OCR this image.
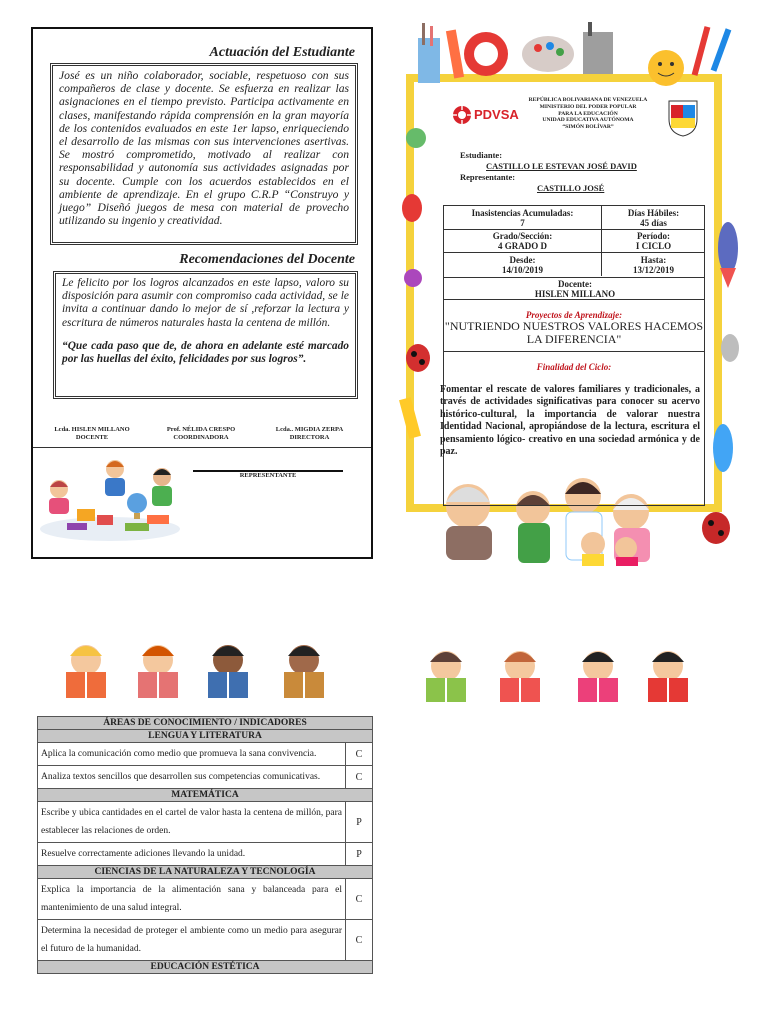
Actuación del Estudiante
José es un niño colaborador, sociable, respetuoso con sus compañeros de clase y docente. Se esfuerza en realizar las asignaciones en el tiempo previsto. Participa activamente en clases, manifestando rápida comprensión en la gran mayoría de los contenidos evaluados en este 1er lapso, enriqueciendo el desarrollo de las mismas con sus intervenciones asertivas. Se mostró comprometido, motivado al realizar con responsabilidad y autonomía sus actividades asignadas por su docente. Cumple con los acuerdos establecidos en el ambiente de aprendizaje. En el grupo C.R.P “Construyo y juego” Diseñó juegos de mesa con material de provecho utilizando su ingenio y creatividad.
Recomendaciones del Docente
Le felicito por los logros alcanzados en este lapso, valoro su disposición para asumir con compromiso cada actividad, se le invita a continuar dando lo mejor de sí ,reforzar la lectura y escritura de números naturales hasta la centena de millón.
“Que cada paso que de, de ahora en adelante esté marcado por las huellas del éxito, felicidades por sus logros”.
Lcda. HISLEN MILLANO
DOCENTE
Prof. NÉLIDA CRESPO
COORDINADORA
Lcda.. MIGDIA ZERPA
DIRECTORA
REPRESENTANTE
PDVSA
REPÚBLICA BOLIVARIANA DE VENEZUELA
MINISTERIO DEL PODER POPULAR
PARA LA EDUCACIÓN
UNIDAD EDUCATIVA AUTÓNOMA
“SIMÓN BOLÍVAR”
Estudiante:
CASTILLO LE ESTEVAN JOSÉ DAVID
Representante:
CASTILLO JOSÉ
Inasistencias Acumuladas:
7
Días Hábiles:
45 días
Grado/Sección:
4 GRADO D
Período:
I CICLO
Desde:
14/10/2019
Hasta:
13/12/2019
Docente:
HISLEN MILLANO
Proyectos de Aprendizaje:
"NUTRIENDO NUESTROS VALORES HACEMOS LA DIFERENCIA"
Finalidad del Ciclo:
Fomentar el rescate de valores familiares y tradicionales, a través de actividades significativas para conocer su acervo histórico-cultural, la importancia de valorar nuestra Identidad Nacional, apropiándose de la lectura, escritura el pensamiento lógico- creativo en una sociedad armónica y de paz.
ÁREAS DE CONOCIMIENTO / INDICADORES	
LENGUA Y LITERATURA	
Aplica la comunicación como medio que promueva la sana convivencia.	C
Analiza textos sencillos que desarrollen sus competencias comunicativas.	C
MATEMÁTICA	
Escribe y ubica cantidades en el cartel de valor hasta la centena de millón, para establecer las relaciones de orden.	P
Resuelve correctamente adiciones llevando la unidad.	P
CIENCIAS DE LA NATURALEZA Y TECNOLOGÍA	
Explica la importancia de la alimentación sana y balanceada para el mantenimiento de una salud integral.	C
Determina la necesidad de proteger el ambiente como un medio para asegurar el futuro de la humanidad.	C
EDUCACIÓN ESTÉTICA	
